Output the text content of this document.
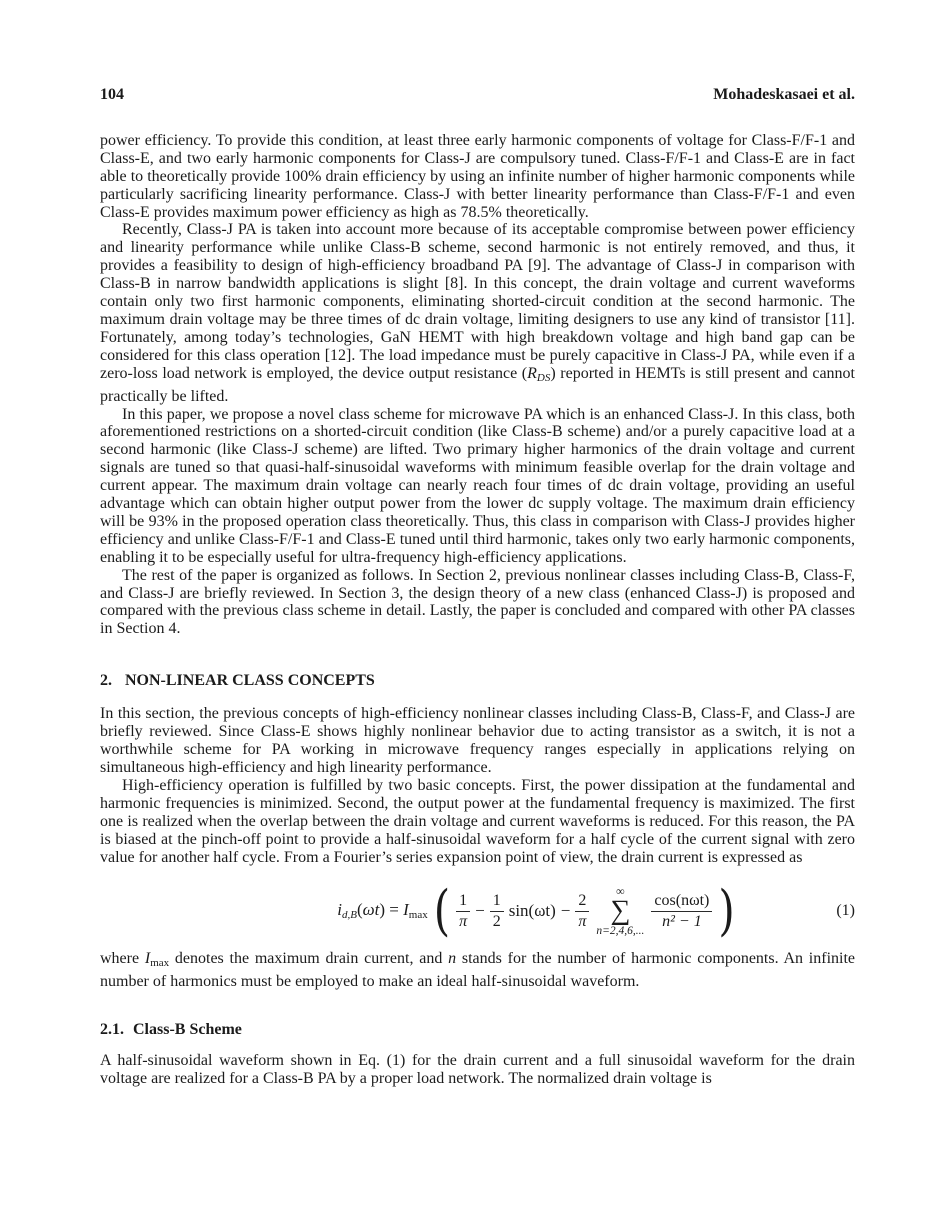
104	Mohadeskasaei et al.

power efficiency. To provide this condition, at least three early harmonic components of voltage for Class-F/F-1 and Class-E, and two early harmonic components for Class-J are compulsory tuned. Class-F/F-1 and Class-E are in fact able to theoretically provide 100% drain efficiency by using an infinite number of higher harmonic components while particularly sacrificing linearity performance. Class-J with better linearity performance than Class-F/F-1 and even Class-E provides maximum power efficiency as high as 78.5% theoretically.

Recently, Class-J PA is taken into account more because of its acceptable compromise between power efficiency and linearity performance while unlike Class-B scheme, second harmonic is not entirely removed, and thus, it provides a feasibility to design of high-efficiency broadband PA [9]. The advantage of Class-J in comparison with Class-B in narrow bandwidth applications is slight [8]. In this concept, the drain voltage and current waveforms contain only two first harmonic components, eliminating shorted-circuit condition at the second harmonic. The maximum drain voltage may be three times of dc drain voltage, limiting designers to use any kind of transistor [11]. Fortunately, among today’s technologies, GaN HEMT with high breakdown voltage and high band gap can be considered for this class operation [12]. The load impedance must be purely capacitive in Class-J PA, while even if a zero-loss load network is employed, the device output resistance (RDS) reported in HEMTs is still present and cannot practically be lifted.

In this paper, we propose a novel class scheme for microwave PA which is an enhanced Class-J. In this class, both aforementioned restrictions on a shorted-circuit condition (like Class-B scheme) and/or a purely capacitive load at a second harmonic (like Class-J scheme) are lifted. Two primary higher harmonics of the drain voltage and current signals are tuned so that quasi-half-sinusoidal waveforms with minimum feasible overlap for the drain voltage and current appear. The maximum drain voltage can nearly reach four times of dc drain voltage, providing an useful advantage which can obtain higher output power from the lower dc supply voltage. The maximum drain efficiency will be 93% in the proposed operation class theoretically. Thus, this class in comparison with Class-J provides higher efficiency and unlike Class-F/F-1 and Class-E tuned until third harmonic, takes only two early harmonic components, enabling it to be especially useful for ultra-frequency high-efficiency applications.

The rest of the paper is organized as follows. In Section 2, previous nonlinear classes including Class-B, Class-F, and Class-J are briefly reviewed. In Section 3, the design theory of a new class (enhanced Class-J) is proposed and compared with the previous class scheme in detail. Lastly, the paper is concluded and compared with other PA classes in Section 4.

2. NON-LINEAR CLASS CONCEPTS

In this section, the previous concepts of high-efficiency nonlinear classes including Class-B, Class-F, and Class-J are briefly reviewed. Since Class-E shows highly nonlinear behavior due to acting transistor as a switch, it is not a worthwhile scheme for PA working in microwave frequency ranges especially in applications relying on simultaneous high-efficiency and high linearity performance.

High-efficiency operation is fulfilled by two basic concepts. First, the power dissipation at the fundamental and harmonic frequencies is minimized. Second, the output power at the fundamental frequency is maximized. The first one is realized when the overlap between the drain voltage and current waveforms is reduced. For this reason, the PA is biased at the pinch-off point to provide a half-sinusoidal waveform for a half cycle of the current signal with zero value for another half cycle. From a Fourier’s series expansion point of view, the drain current is expressed as

id,B(ωt) = Imax ( $\frac{1}{\pi} - \frac{1}{2} \sin(\omega t) - \frac{2}{\pi}$
∞
∑
n=2,4,6,... $\frac{\text{cos(nωt)}}{\text{n² − 1}}$ )	(1)

where Imax denotes the maximum drain current, and n stands for the number of harmonic components. An infinite number of harmonics must be employed to make an ideal half-sinusoidal waveform.

2.1. Class-B Scheme

A half-sinusoidal waveform shown in Eq. (1) for the drain current and a full sinusoidal waveform for the drain voltage are realized for a Class-B PA by a proper load network. The normalized drain voltage is
